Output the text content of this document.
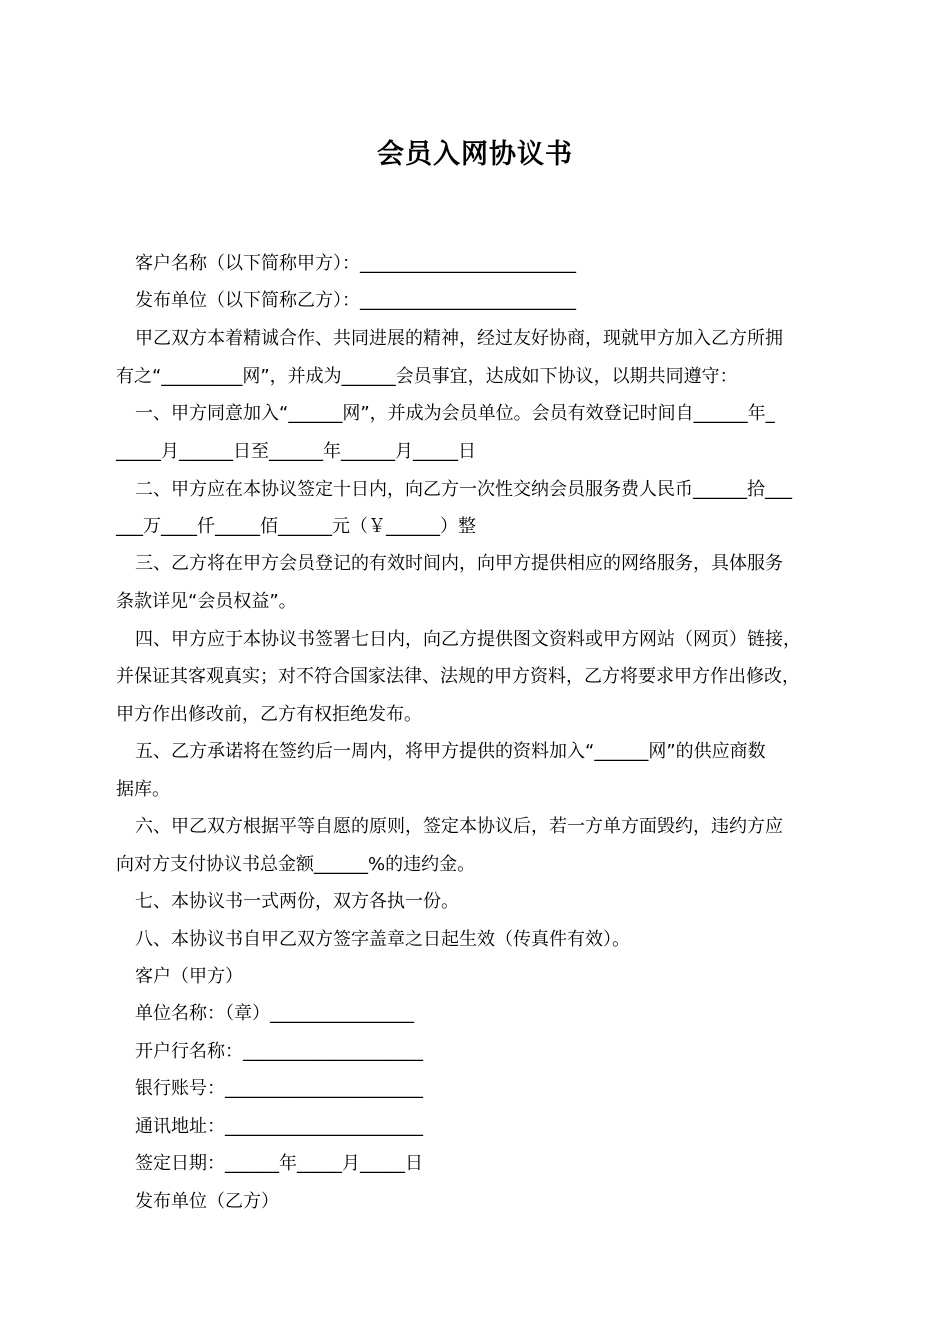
会员入网协议书
客户名称（以下简称甲方）：________________________
发布单位（以下简称乙方）：________________________
甲乙双方本着精诚合作、共同进展的精神，经过友好协商，现就甲方加入乙方所拥
有之“_________网”，并成为______会员事宜，达成如下协议，以期共同遵守：
一、甲方同意加入“______网”，并成为会员单位。会员有效登记时间自______年_
_____月______日至______年______月_____日
二、甲方应在本协议签定十日内，向乙方一次性交纳会员服务费人民币______拾___
___万____仟_____佰______元（￥______）整
三、乙方将在甲方会员登记的有效时间内，向甲方提供相应的网络服务，具体服务
条款详见“会员权益”。
四、甲方应于本协议书签署七日内，向乙方提供图文资料或甲方网站（网页）链接，
并保证其客观真实；对不符合国家法律、法规的甲方资料，乙方将要求甲方作出修改，
甲方作出修改前，乙方有权拒绝发布。
五、乙方承诺将在签约后一周内，将甲方提供的资料加入“______网”的供应商数
据库。
六、甲乙双方根据平等自愿的原则，签定本协议后，若一方单方面毁约，违约方应
向对方支付协议书总金额______%的违约金。
七、本协议书一式两份，双方各执一份。
八、本协议书自甲乙双方签字盖章之日起生效（传真件有效）。
客户（甲方）
单位名称：（章）________________
开户行名称：____________________
银行账号：______________________
通讯地址：______________________
签定日期：______年_____月_____日
发布单位（乙方）
